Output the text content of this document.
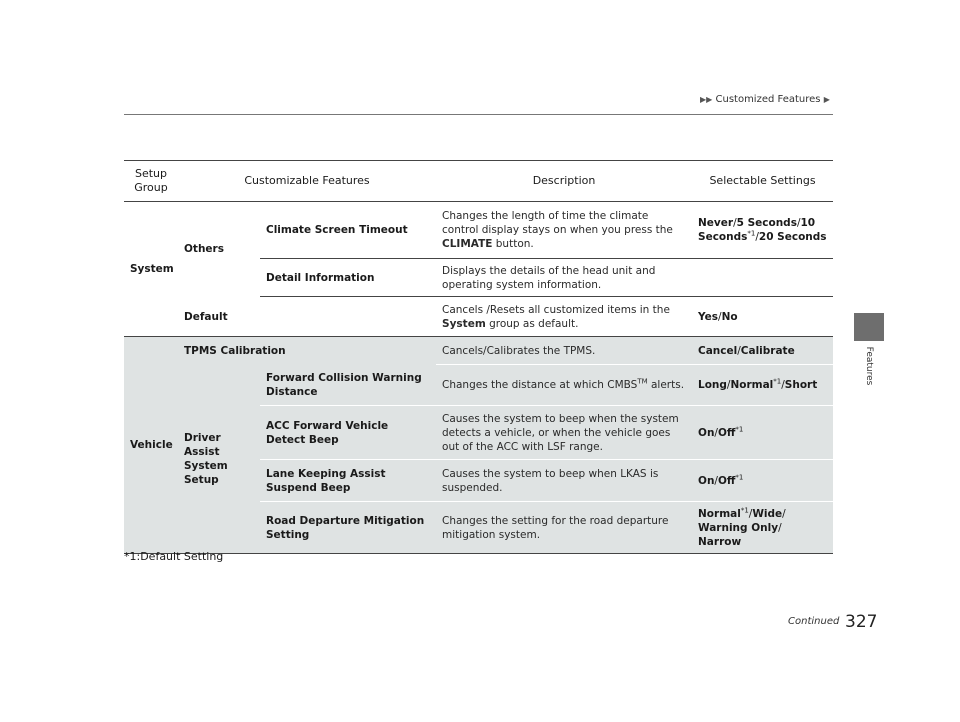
▶▶ Customized Features ▶
Features
Setup Group	Customizable Features		Description	Selectable Settings
System	Others	Climate Screen Timeout	Changes the length of time the climate control display stays on when you press the CLIMATE button.	Never/5 Seconds/10 Seconds$^{*1}$/20 Seconds
		Detail Information	Displays the details of the head unit and operating system information.	
	Default		Cancels /Resets all customized items in the System group as default.	Yes/No
Vehicle	TPMS Calibration		Cancels/Calibrates the TPMS.	Cancel/Calibrate
	Driver Assist System Setup	Forward Collision Warning Distance	Changes the distance at which CMBS™ alerts.	Long/Normal$^{*1}$/Short
		ACC Forward Vehicle Detect Beep	Causes the system to beep when the system detects a vehicle, or when the vehicle goes out of the ACC with LSF range.	On/Off$^{*1}$
		Lane Keeping Assist Suspend Beep	Causes the system to beep when LKAS is suspended.	On/Off$^{*1}$
		Road Departure Mitigation Setting	Changes the setting for the road departure mitigation system.	Normal$^{*1}$/Wide/
Warning Only/
Narrow
*1:Default Setting
Continued 327
